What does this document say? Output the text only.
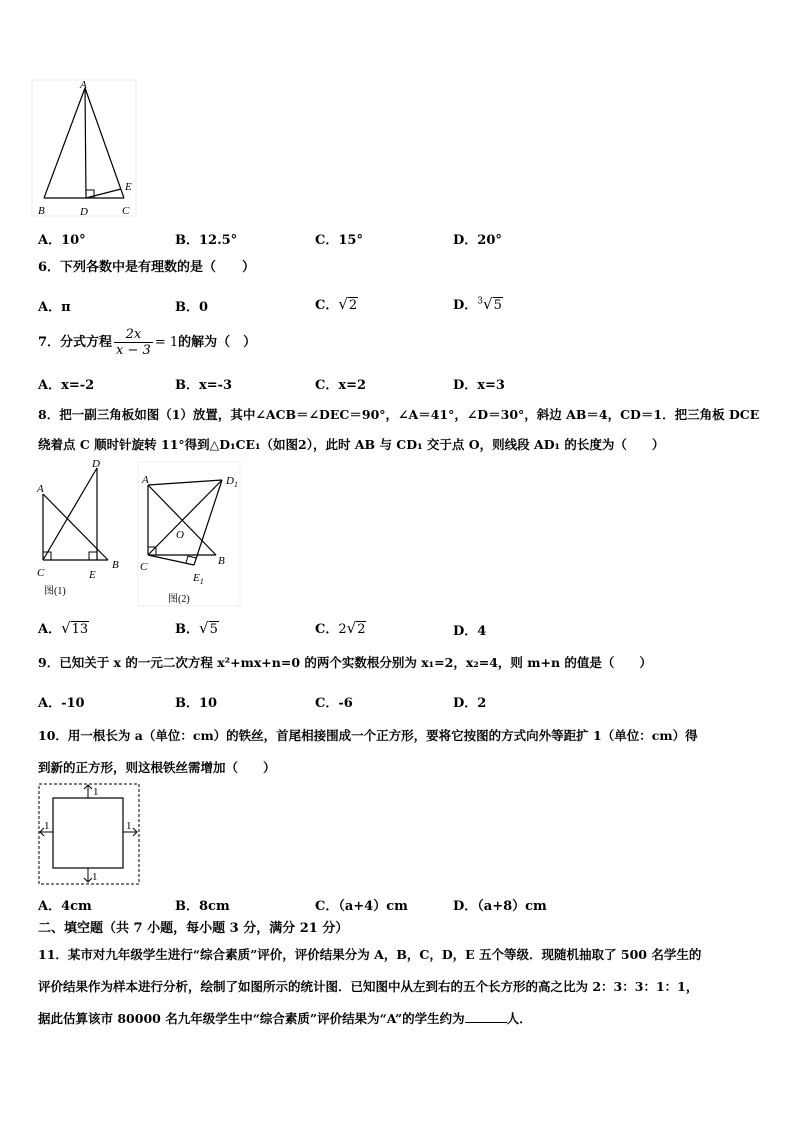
A
B	D	C
E
A．10°	B．12.5°	C．15°	D．20°
6．下列各数中是有理数的是（　　）
A．π	B．0	C．√2	D．$^3$√5
7．分式方程 $\frac{2x}{x - 3} = 1$的解为（　）
A．x=-2	B．x=-3	C．x=2	D．x=3
8．把一副三角板如图（1）放置，其中∠ACB＝∠DEC＝90°，∠A＝41°，∠D＝30°，斜边 AB＝4，CD＝1．把三角板 DCE
绕着点 C 顺时针旋转 11°得到△D₁CE₁（如图2），此时 AB 与 CD₁ 交于点 O，则线段 AD₁ 的长度为（　　）
A
D
C	E
B
图(1)
A	$D_1$
O
C	B
$E_1$
图(2)
A．√13	B．√5	C．2√2	D．4
9．已知关于 x 的一元二次方程 x²+mx+n=0 的两个实数根分别为 x₁=2，x₂=4，则 m+n 的值是（　　）
A．-10	B．10	C．-6	D．2
10．用一根长为 a（单位：cm）的铁丝，首尾相接围成一个正方形，要将它按图的方式向外等距扩 1（单位：cm）得
到新的正方形，则这根铁丝需增加（　　）
1
1	1
1
A．4cm	B．8cm	C．（a+4）cm	D．（a+8）cm
二、填空题（共 7 小题，每小题 3 分，满分 21 分）
11．某市对九年级学生进行“综合素质”评价，评价结果分为 A，B，C，D，E 五个等级．现随机抽取了 500 名学生的
评价结果作为样本进行分析，绘制了如图所示的统计图．已知图中从左到右的五个长方形的高之比为 2：3：3：1：1，
据此估算该市 80000 名九年级学生中“综合素质”评价结果为“A”的学生约为	人．
